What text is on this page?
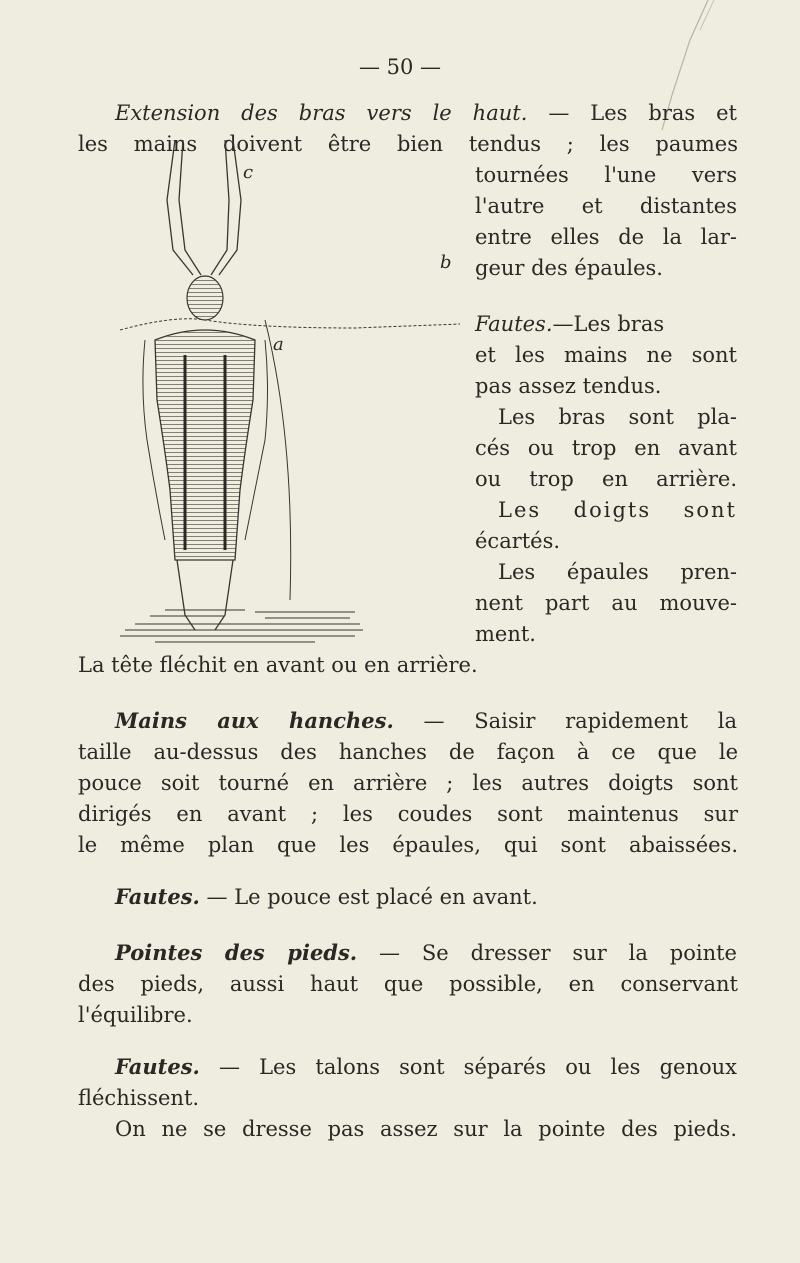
— 50 —
Extension des bras vers le haut. — Les bras et
les mains doivent être bien tendus ; les paumes
tournées l'une vers
l'autre et distantes
entre elles de la lar-
geur des épaules.
Fautes.—Les bras
et les mains ne sont
pas assez tendus.
Les bras sont pla-
cés ou trop en avant
ou trop en arrière.
Les doigts sont
écartés.
Les épaules pren-
nent part au mouve-
ment.
La tête fléchit en avant ou en arrière.
c
b
a
Mains aux hanches. — Saisir rapidement la
taille au-dessus des hanches de façon à ce que le
pouce soit tourné en arrière ; les autres doigts sont
dirigés en avant ; les coudes sont maintenus sur
le même plan que les épaules, qui sont abaissées.
Fautes. — Le pouce est placé en avant.
Pointes des pieds. — Se dresser sur la pointe
des pieds, aussi haut que possible, en conservant
l'équilibre.
Fautes. — Les talons sont séparés ou les genoux
fléchissent.
On ne se dresse pas assez sur la pointe des pieds.
